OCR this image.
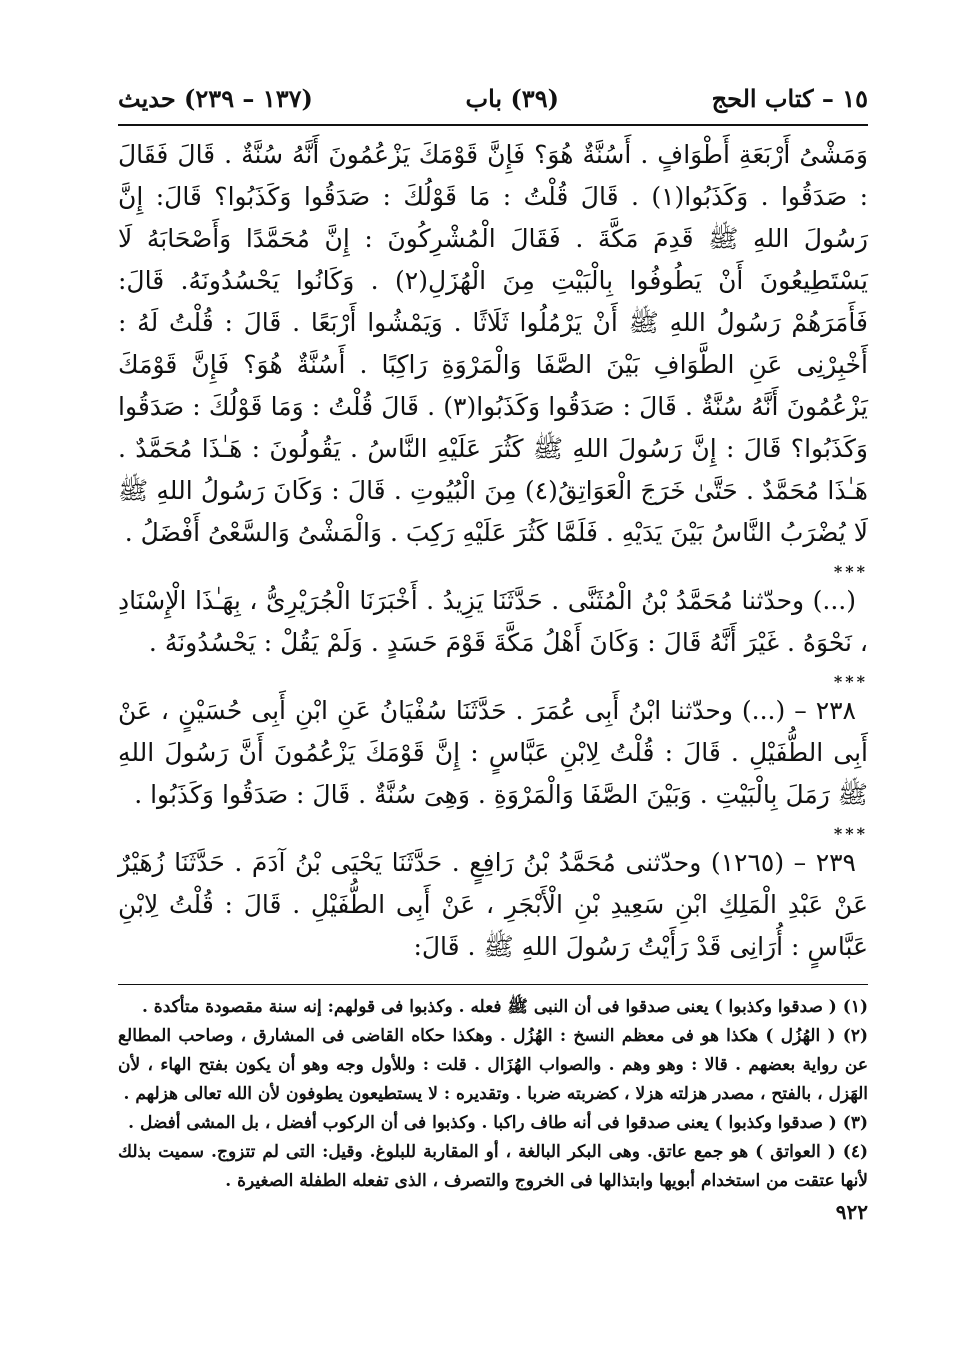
١٥ – كتاب الحج
(٣٩) باب
(١٣٧ – ٢٣٩) حديث

وَمَشْىُ أَرْبَعَةِ أَطْوَافٍ . أَسُنَّةٌ هُوَ؟ فَإِنَّ قَوْمَكَ يَزْعُمُونَ أَنَّهُ سُنَّةٌ . قَالَ فَقَالَ : صَدَقُوا . وَكَذَبُوا(١) . قَالَ قُلْتُ : مَا قَوْلُكَ : صَدَقُوا وَكَذَبُوا؟ قَالَ: إِنَّ رَسُولَ اللهِ ﷺ قَدِمَ مَكَّةَ . فَقَالَ الْمُشْرِكُونَ : إِنَّ مُحَمَّدًا وَأَصْحَابَهُ لَا يَسْتَطِيعُونَ أَنْ يَطُوفُوا بِالْبَيْتِ مِنَ الْهُزَلِ(٢) . وَكَانُوا يَحْسُدُونَهُ. قَالَ: فَأَمَرَهُمْ رَسُولُ اللهِ ﷺ أَنْ يَرْمُلُوا ثَلَاثًا . وَيَمْشُوا أَرْبَعًا . قَالَ : قُلْتُ لَهُ : أَخْبِرْنِى عَنِ الطَّوَافِ بَيْنَ الصَّفَا وَالْمَرْوَةِ رَاكِبًا . أَسُنَّةٌ هُوَ؟ فَإِنَّ قَوْمَكَ يَزْعُمُونَ أَنَّهُ سُنَّةٌ . قَالَ : صَدَقُوا وَكَذَبُوا(٣) . قَالَ قُلْتُ : وَمَا قَوْلُكَ : صَدَقُوا وَكَذَبُوا؟ قَالَ : إِنَّ رَسُولَ اللهِ ﷺ كَثُرَ عَلَيْهِ النَّاسُ . يَقُولُونَ : هَـٰذَا مُحَمَّدٌ . هَـٰذَا مُحَمَّدٌ . حَتَّىٰ خَرَجَ الْعَوَاتِقُ(٤) مِنَ الْبُيُوتِ . قَالَ : وَكَانَ رَسُولُ اللهِ ﷺ لَا يُضْرَبُ النَّاسُ بَيْنَ يَدَيْهِ . فَلَمَّا كَثُرَ عَلَيْهِ رَكِبَ . وَالْمَشْىُ وَالسَّعْىُ أَفْضَلُ .

***

(...) وحدّثنا مُحَمَّدُ بْنُ الْمُثَنَّى . حَدَّثَنَا يَزِيدُ . أَخْبَرَنَا الْجُرَيْرِىُّ ، بِهَـٰذَا الْإِسْنَادِ ، نَحْوَهُ . غَيْرَ أَنَّهُ قَالَ : وَكَانَ أَهْلُ مَكَّةَ قَوْمَ حَسَدٍ . وَلَمْ يَقُلْ : يَحْسُدُونَهُ .

***

٢٣٨ – (...) وحدّثنا ابْنُ أَبِى عُمَرَ . حَدَّثَنَا سُفْيَانُ عَنِ ابْنِ أَبِى حُسَيْنٍ ، عَنْ أَبِى الطُّفَيْلِ . قَالَ : قُلْتُ لِابْنِ عَبَّاسٍ : إِنَّ قَوْمَكَ يَزْعُمُونَ أَنَّ رَسُولَ اللهِ ﷺ رَمَلَ بِالْبَيْتِ . وَبَيْنَ الصَّفَا وَالْمَرْوَةِ . وَهِىَ سُنَّةٌ . قَالَ : صَدَقُوا وَكَذَبُوا .

***

٢٣٩ – (١٢٦٥) وحدّثنى مُحَمَّدُ بْنُ رَافِعٍ . حَدَّثَنَا يَحْيَى بْنُ آدَمَ . حَدَّثَنَا زُهَيْرٌ عَنْ عَبْدِ الْمَلِكِ ابْنِ سَعِيدِ بْنِ الْأَبْجَرِ ، عَنْ أَبِى الطُّفَيْلِ . قَالَ : قُلْتُ لِابْنِ عَبَّاسٍ : أُرَانِى قَدْ رَأَيْتُ رَسُولَ اللهِ ﷺ . قَالَ:

(١) ( صدقوا وكذبوا ) يعنى صدقوا فى أن النبى ﷺ فعله . وكذبوا فى قولهم: إنه سنة مقصودة متأكدة .

(٢) ( الهُزُل ) هكذا هو فى معظم النسخ : الهُزُل . وهكذا حكاه القاضى فى المشارق ، وصاحب المطالع عن رواية بعضهم . قالا : وهو وهم . والصواب الهُزَال . قلت : وللأول وجه وهو أن يكون بفتح الهاء ، لأن الهَزل ، بالفتح ، مصدر هزلته هزلا ، كضربته ضربا . وتقديره : لا يستطيعون يطوفون لأن الله تعالى هزلهم .

(٣) ( صدقوا وكذبوا ) يعنى صدقوا فى أنه طاف راكبا . وكذبوا فى أن الركوب أفضل ، بل المشى أفضل .

(٤) ( العواتق ) هو جمع عاتق. وهى البكر البالغة ، أو المقاربة للبلوغ. وقيل: التى لم تتزوج. سميت بذلك لأنها عتقت من استخدام أبويها وابتذالها فى الخروج والتصرف ، الذى تفعله الطفلة الصغيرة .

٩٢٢
